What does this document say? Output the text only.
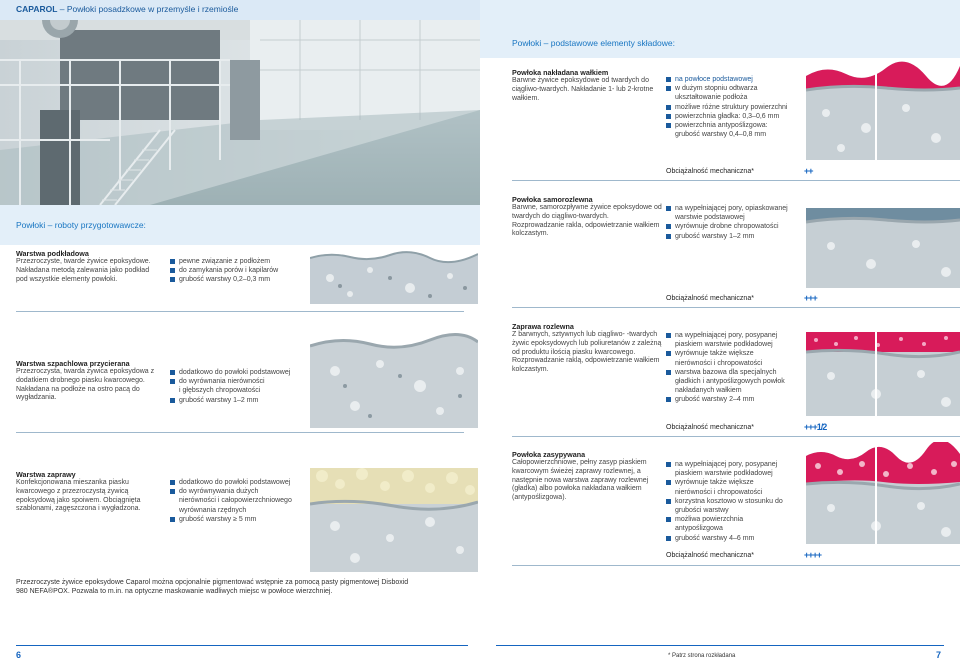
CAPAROL – Powłoki posadzkowe w przemyśle i rzemiośle
Powłoki – podstawowe elementy składowe:
Powłoki – roboty przygotowawcze:
Warstwa podkładowa
Przezroczyste, twarde żywice epoksydowe. Nakładana metodą zalewania jako podkład pod wszystkie elementy powłoki.
pewne związanie z podłożem
do zamykania porów i kapilarów
grubość warstwy 0,2–0,3 mm
Warstwa szpachlowa przycierana
Przezroczysta, twarda żywica epoksydowa z dodatkiem drobnego piasku kwarcowego. Nakładana na podłoże na ostro pacą do wygładzania.
dodatkowo do powłoki podstawowej
do wyrównania nierówności
i głębszych chropowatości
grubość warstwy 1–2 mm
Warstwa zaprawy
Konfekcjonowana mieszanka piasku kwarcowego z przezroczystą żywicą epoksydową jako spoiwem. Obciągnięta szablonami, zagęszczona i wygładzona.
dodatkowo do powłoki podstawowej
do wyrównywania dużych
nierówności i całopowierzchniowego
wyrównania rzędnych
grubość warstwy ≥ 5 mm
Powłoka nakładana wałkiem
Barwne żywice epoksydowe od twardych do ciągliwo-twardych. Nakładanie 1- lub 2-krotne wałkiem.
na powłoce podstawowej
w dużym stopniu odtwarza
ukształtowanie podłoża
możliwe różne struktury powierzchni
powierzchnia gładka: 0,3–0,6 mm
powierzchnia antypoślizgowa:
grubość warstwy 0,4–0,8 mm
Obciążalność mechaniczna*	++
Powłoka samorozlewna
Barwne, samorozpływne żywice epoksydowe od twardych do ciągliwo-twardych. Rozprowadzanie rakla, odpowietrzanie wałkiem kolczastym.
na wypełniającej pory, opiaskowanej
warstwie podstawowej
wyrównuje drobne chropowatości
grubość warstwy 1–2 mm
Obciążalność mechaniczna*	+++
Zaprawa rozlewna
Z barwnych, sztywnych lub ciągliwo- -twardych żywic epoksydowych lub poliuretanów z zależną od produktu ilością piasku kwarcowego. Rozprowadzanie raklą, odpowietrzanie wałkiem kolczastym.
na wypełniającej pory, posypanej
piaskiem warstwie podkładowej
wyrównuje także większe
nierówności i chropowatości
warstwa bazowa dla specjalnych
gładkich i antypoślizgowych powłok
nakładanych wałkiem
grubość warstwy 2–4 mm
Obciążalność mechaniczna*	+++1/2
Powłoka zasypywana
Całopowierzchniowe, pełny zasyp piaskiem kwarcowym świeżej zaprawy rozlewnej, a następnie nowa warstwa zaprawy rozlewnej (gładka) albo powłoka nakładana wałkiem (antypoślizgowa).
na wypełniającej pory, posypanej
piaskiem warstwie podkładowej
wyrównuje także większe
nierówności i chropowatości
korzystna kosztowo w stosunku do
grubości warstwy
możliwa powierzchnia
antypoślizgowa
grubość warstwy 4–6 mm
Obciążalność mechaniczna*	++++
Przezroczyste żywice epoksydowe Caparol można opcjonalnie pigmentować wstępnie za pomocą pasty pigmentowej Disboxid 980 NEFA®POX. Pozwala to m.in. na optyczne maskowanie wadliwych miejsc w powłoce wierzchniej.
6	7
* Patrz strona rozkładana
